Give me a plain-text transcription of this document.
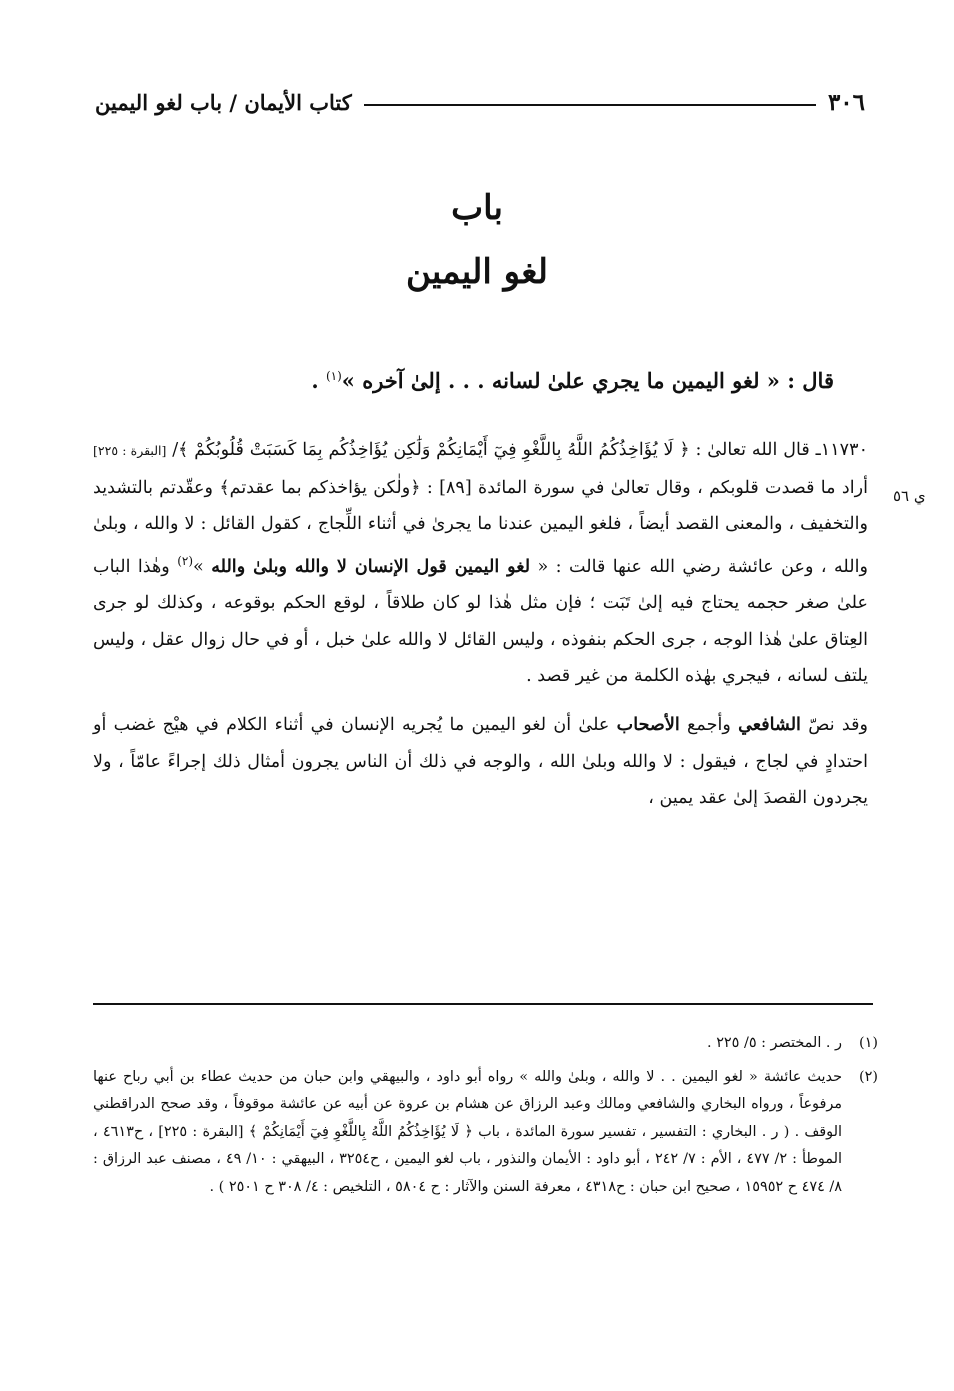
٣٠٦
كتاب الأيمان / باب لغو اليمين
باب
لغو اليمين
قال : « لغو اليمين ما يجري علىٰ لسانه . . . إلىٰ آخره »$^{(١)}$ .
ي ٥٦

١١٧٣٠ـ قال الله تعالىٰ : ﴿ لَا يُؤَاخِذُكُمُ اللَّهُ بِاللَّغْوِ فِيٓ أَيْمَانِكُمْ وَلَٰكِن يُؤَاخِذُكُم بِمَا كَسَبَتْ قُلُوبُكُمْ ﴾/ [البقرة : ٢٢٥] أراد ما قصدت قلوبكم ، وقال تعالىٰ في سورة المائدة [٨٩] : ﴿ولٰكن يؤاخذكم بما عقدتم﴾ وعقّدتم بالتشديد والتخفيف ، والمعنى القصد أيضاً ، فلغو اليمين عندنا ما يجرىٰ في أثناء اللِّجاج ، كقول القائل : لا والله ، وبلىٰ والله ، وعن عائشة رضي الله عنها قالت : « لغو اليمين قول الإنسان لا والله وبلىٰ والله »$^{(٢)}$ وهٰذا الباب علىٰ صغر حجمه يحتاج فيه إلىٰ تَبَت ؛ فإن مثل هٰذا لو كان طلاقاً ، لوقع الحكم بوقوعه ، وكذلك لو جرى العِتاق علىٰ هٰذا الوجه ، جرى الحكم بنفوذه ، وليس القائل لا والله علىٰ خبل ، أو في حال زوال عقل ، وليس يلتف لسانه ، فيجري بهٰذه الكلمة من غير قصد .

وقد نصّ الشافعي وأجمع الأصحاب علىٰ أن لغو اليمين ما يُجريه الإنسان في أثناء الكلام في هيْج غضب أو احتدادٍ في لجاج ، فيقول : لا والله وبلىٰ الله ، والوجه في ذلك أن الناس يجرون أمثال ذلك إجراءً عامّاً ، ولا يجردون القصدَ إلىٰ عقد يمين ،

(١)
ر . المختصر : ٥/ ٢٢٥ .
(٢)
حديث عائشة « لغو اليمين . . لا والله ، وبلىٰ والله » رواه أبو داود ، والبيهقي وابن حبان من حديث عطاء بن أبي رباح عنها مرفوعاً ، ورواه البخاري والشافعي ومالك وعبد الرزاق عن هشام بن عروة عن أبيه عن عائشة موقوفاً ، وقد صحح الدراقطني الوقف . ( ر . البخاري : التفسير ، تفسير سورة المائدة ، باب ﴿ لَا يُؤَاخِذُكُمُ اللَّهُ بِاللَّغْوِ فِيٓ أَيْمَانِكُمْ ﴾ [البقرة : ٢٢٥] ، ح٤٦١٣ ، الموطأ : ٢/ ٤٧٧ ، الأم : ٧/ ٢٤٢ ، أبو داود : الأيمان والنذور ، باب لغو اليمين ، ح٣٢٥٤ ، البيهقي : ١٠/ ٤٩ ، مصنف عبد الرزاق : ٨/ ٤٧٤ ح ١٥٩٥٢ ، صحيح ابن حبان : ح٤٣١٨ ، معرفة السنن والآثار : ح ٥٨٠٤ ، التلخيص : ٤/ ٣٠٨ ح ٢٥٠١ ) .
